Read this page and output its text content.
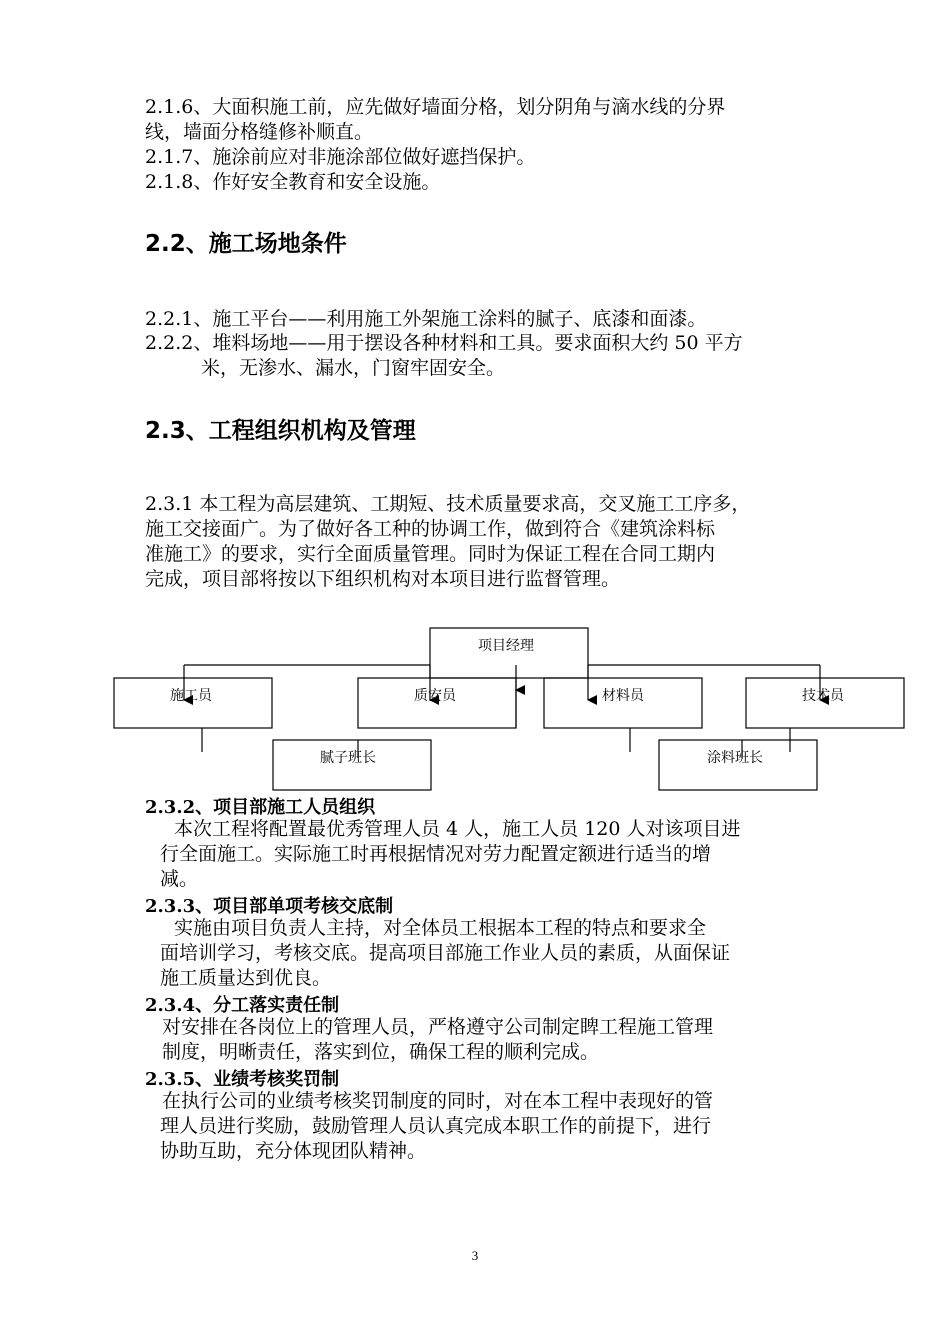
2.1.6、大面积施工前，应先做好墙面分格，划分阴角与滴水线的分界
线，墙面分格缝修补顺直。
2.1.7、施涂前应对非施涂部位做好遮挡保护。
2.1.8、作好安全教育和安全设施。
2.2、施工场地条件
2.2.1、施工平台——利用施工外架施工涂料的腻子、底漆和面漆。
2.2.2、堆料场地——用于摆设各种材料和工具。要求面积大约 50 平方
米，无渗水、漏水，门窗牢固安全。
2.3、工程组织机构及管理
2.3.1 本工程为高层建筑、工期短、技术质量要求高，交叉施工工序多，
施工交接面广。为了做好各工种的协调工作，做到符合《建筑涂料标
准施工》的要求，实行全面质量管理。同时为保证工程在合同工期内
完成，项目部将按以下组织机构对本项目进行监督管理。
项目经理
施工员	质安员	材料员	技术员
腻子班长	涂料班长
2.3.2、项目部施工人员组织
本次工程将配置最优秀管理人员 4 人，施工人员 120 人对该项目进
行全面施工。实际施工时再根据情况对劳力配置定额进行适当的增
减。
2.3.3、项目部单项考核交底制
实施由项目负责人主持，对全体员工根据本工程的特点和要求全
面培训学习，考核交底。提高项目部施工作业人员的素质，从面保证
施工质量达到优良。
2.3.4、分工落实责任制
对安排在各岗位上的管理人员，严格遵守公司制定睥工程施工管理
制度，明晰责任，落实到位，确保工程的顺利完成。
2.3.5、业绩考核奖罚制
在执行公司的业绩考核奖罚制度的同时，对在本工程中表现好的管
理人员进行奖励，鼓励管理人员认真完成本职工作的前提下，进行
协助互助，充分体现团队精神。
3
